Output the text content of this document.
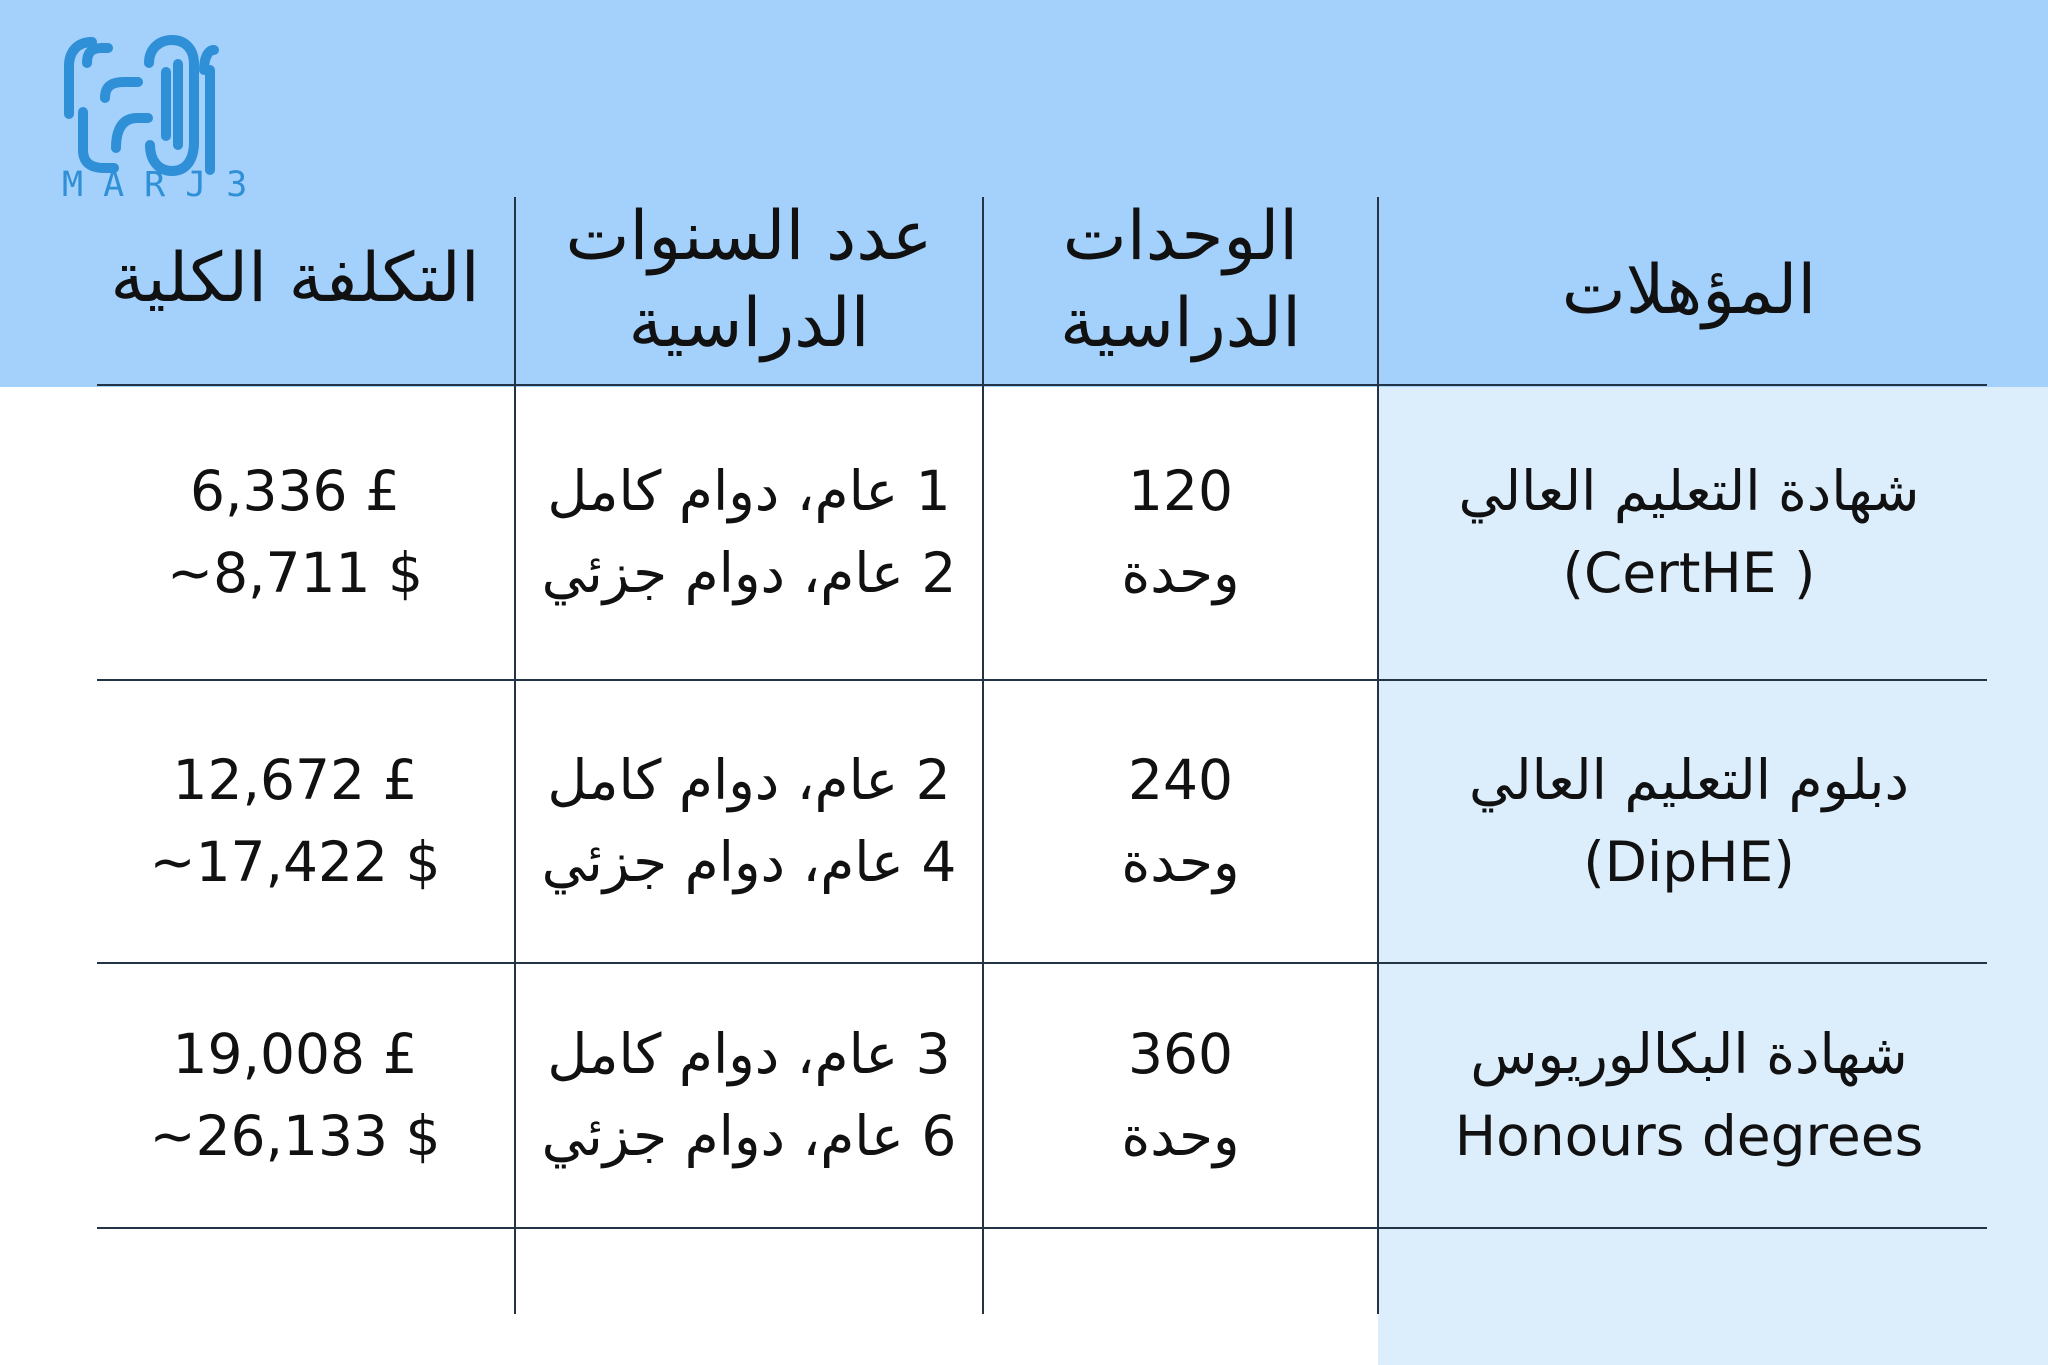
MARJ3
المؤهلات
الوحدات
الدراسية
عدد السنوات
الدراسية
التكلفة الكلية
شهادة التعليم العالي
(CertHE )
120
وحدة
1 عام، دوام كامل
2 عام، دوام جزئي
6,336 £
~8,711 $
دبلوم التعليم العالي
(DipHE)
240
وحدة
2 عام، دوام كامل
4 عام، دوام جزئي
12,672 £
~17,422 $
شهادة البكالوريوس
Honours degrees
360
وحدة
3 عام، دوام كامل
6 عام، دوام جزئي
19,008 £
~26,133 $
